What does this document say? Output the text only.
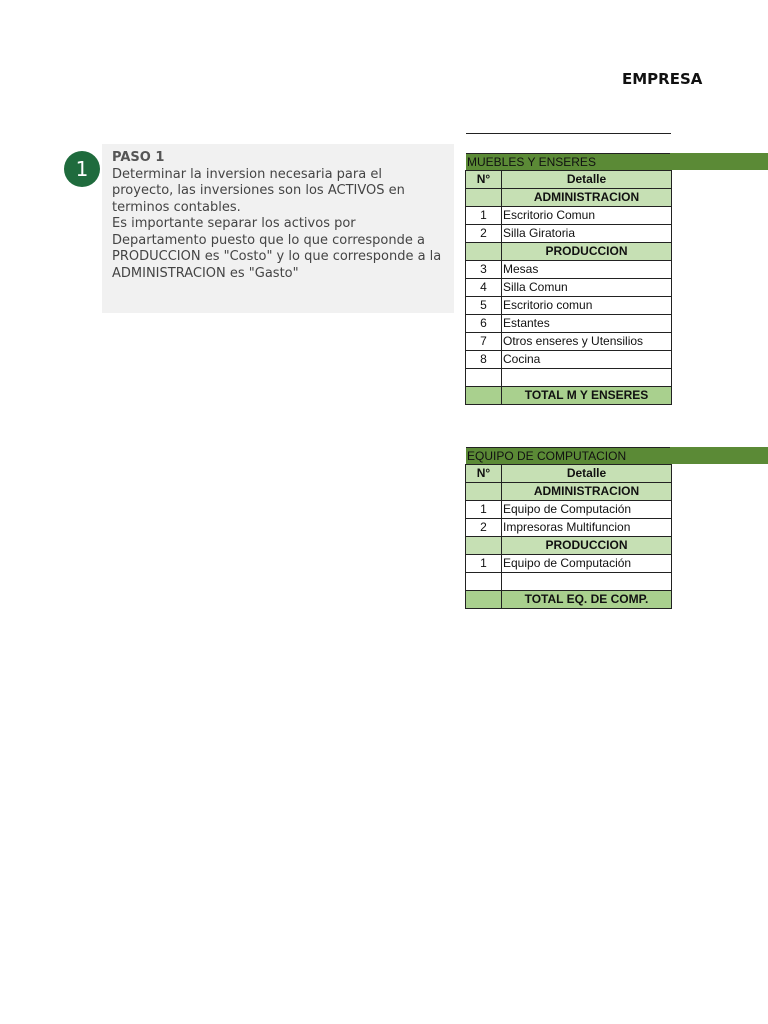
EMPRESA
1	PASO 1
Determinar la inversion necesaria para el proyecto, las inversiones son los ACTIVOS en terminos contables.
Es importante separar los activos por Departamento puesto que lo que corresponde a PRODUCCION es "Costo" y lo que corresponde a la ADMINISTRACION es "Gasto"
MUEBLES Y ENSERES
N°	Detalle
	ADMINISTRACION
1	Escritorio Comun
2	Silla Giratoria
	PRODUCCION
3	Mesas
4	Silla Comun
5	Escritorio comun
6	Estantes
7	Otros enseres y Utensilios
8	Cocina

	TOTAL M Y ENSERES
EQUIPO DE COMPUTACION
N°	Detalle
	ADMINISTRACION
1	Equipo de Computación
2	Impresoras Multifuncion
	PRODUCCION
1	Equipo de Computación

	TOTAL EQ. DE COMP.
